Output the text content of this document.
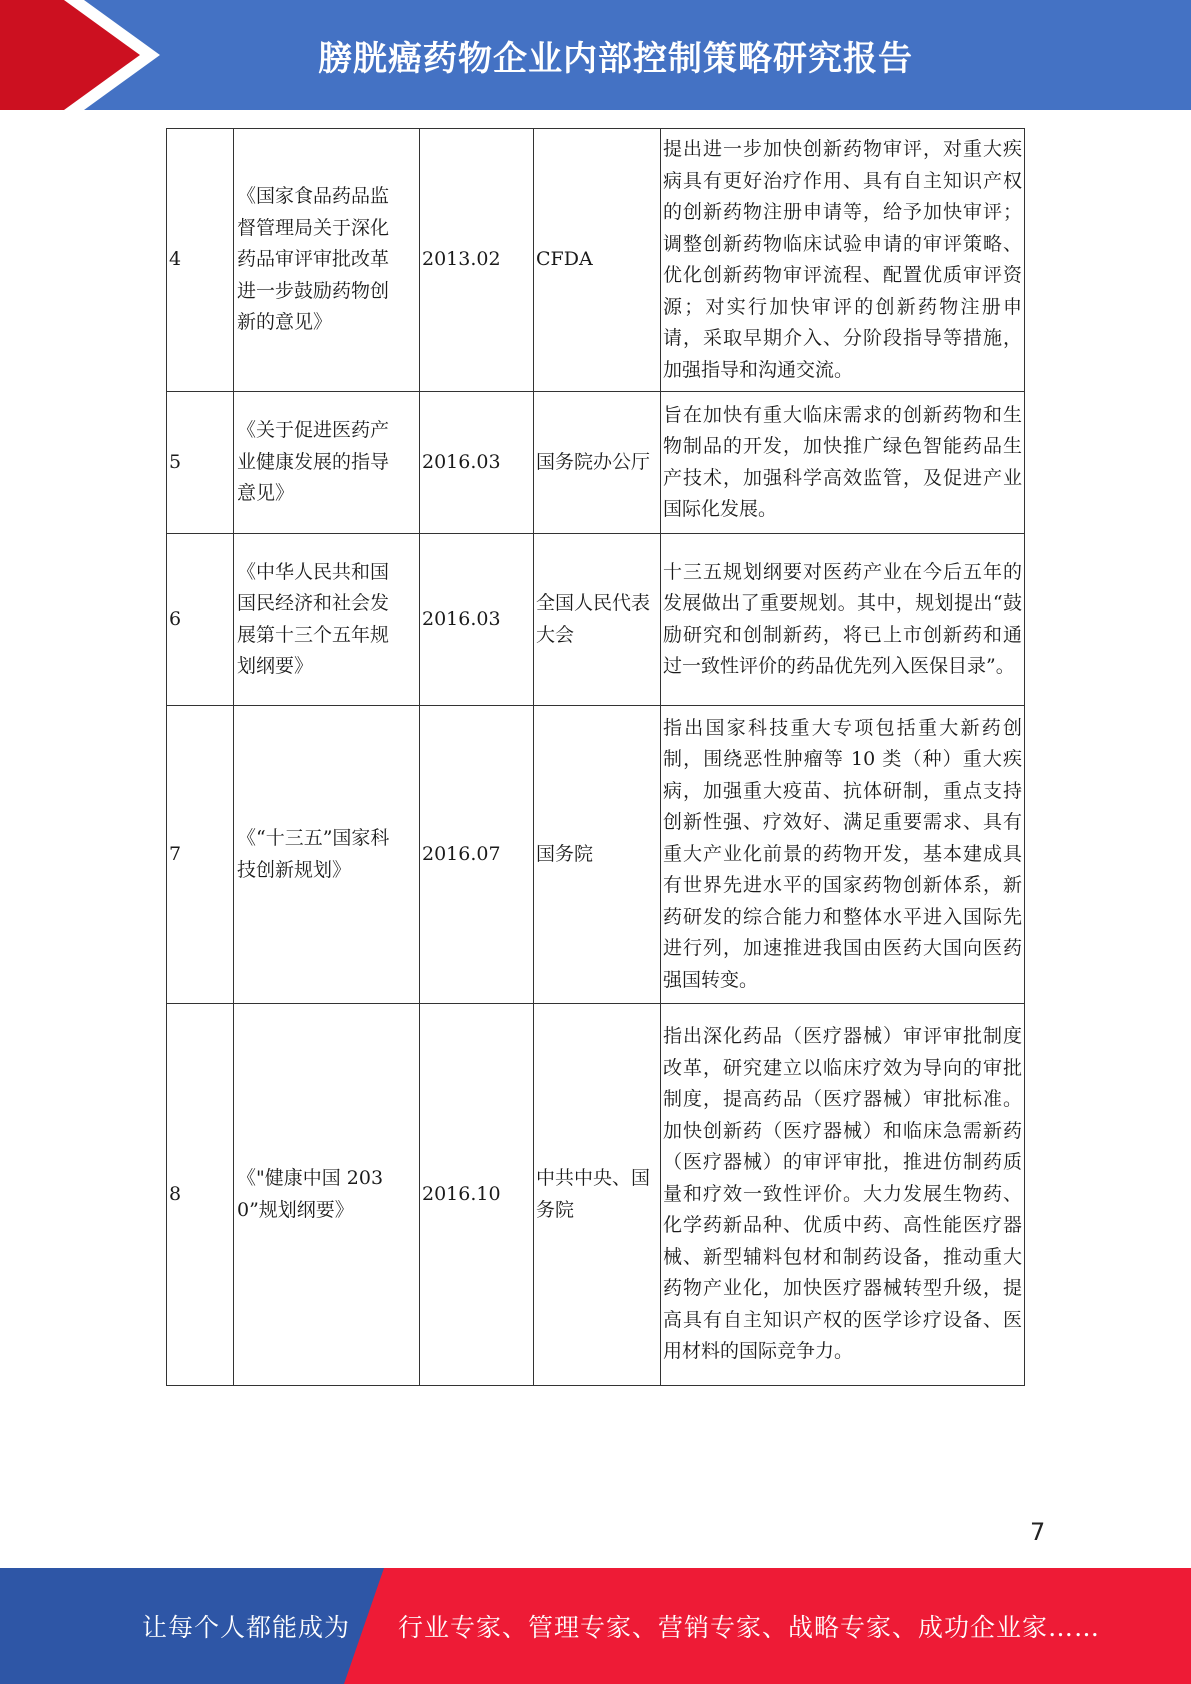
膀胱癌药物企业内部控制策略研究报告
4	《国家食品药品监督管理局关于深化药品审评审批改革进一步鼓励药物创新的意见》	2013.02	CFDA	提出进一步加快创新药物审评，对重大疾病具有更好治疗作用、具有自主知识产权的创新药物注册申请等，给予加快审评；调整创新药物临床试验申请的审评策略、优化创新药物审评流程、配置优质审评资源；对实行加快审评的创新药物注册申请，采取早期介入、分阶段指导等措施，加强指导和沟通交流。
5	《关于促进医药产业健康发展的指导意见》	2016.03	国务院办公厅	旨在加快有重大临床需求的创新药物和生物制品的开发，加快推广绿色智能药品生产技术，加强科学高效监管，及促进产业国际化发展。
6	《中华人民共和国国民经济和社会发展第十三个五年规划纲要》	2016.03	全国人民代表大会	十三五规划纲要对医药产业在今后五年的发展做出了重要规划。其中，规划提出“鼓励研究和创制新药，将已上市创新药和通过一致性评价的药品优先列入医保目录”。
7	《“十三五”国家科技创新规划》	2016.07	国务院	指出国家科技重大专项包括重大新药创制，围绕恶性肿瘤等 10 类（种）重大疾病，加强重大疫苗、抗体研制，重点支持创新性强、疗效好、满足重要需求、具有重大产业化前景的药物开发，基本建成具有世界先进水平的国家药物创新体系，新药研发的综合能力和整体水平进入国际先进行列，加速推进我国由医药大国向医药强国转变。
8	《"健康中国 2030”规划纲要》	2016.10	中共中央、国务院	指出深化药品（医疗器械）审评审批制度改革，研究建立以临床疗效为导向的审批制度，提高药品（医疗器械）审批标准。加快创新药（医疗器械）和临床急需新药（医疗器械）的审评审批，推进仿制药质量和疗效一致性评价。大力发展生物药、化学药新品种、优质中药、高性能医疗器械、新型辅料包材和制药设备，推动重大药物产业化，加快医疗器械转型升级，提高具有自主知识产权的医学诊疗设备、医用材料的国际竞争力。
7
让每个人都能成为 行业专家、管理专家、营销专家、战略专家、成功企业家……
